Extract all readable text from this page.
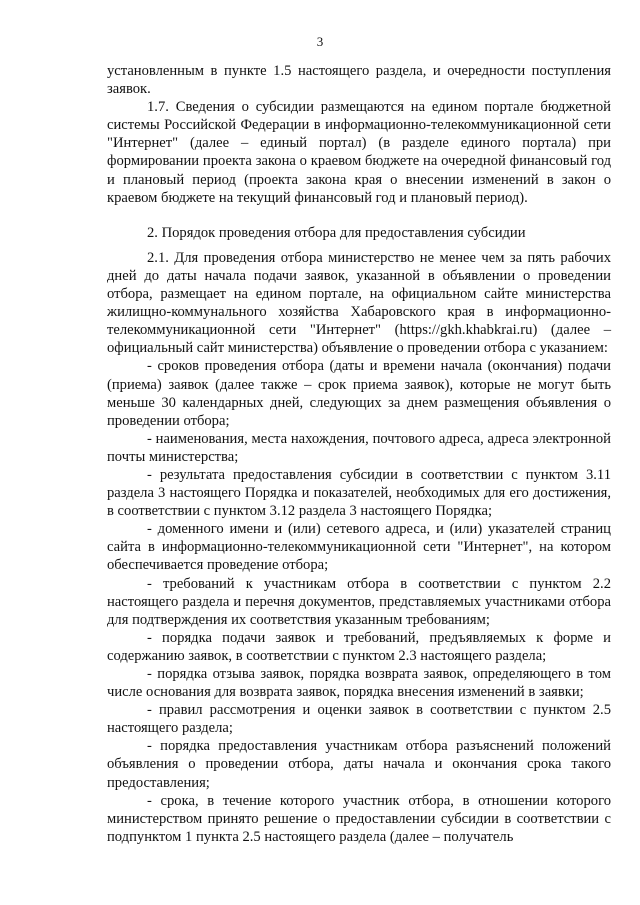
3

установленным в пункте 1.5 настоящего раздела, и очередности поступления заявок.

1.7. Сведения о субсидии размещаются на едином портале бюджетной системы Российской Федерации в информационно-телекоммуникационной сети "Интернет" (далее – единый портал) (в разделе единого портала) при формировании проекта закона о краевом бюджете на очередной финансовый год и плановый период (проекта закона края о внесении изменений в закон о краевом бюджете на текущий финансовый год и плановый период).

2. Порядок проведения отбора для предоставления субсидии

2.1. Для проведения отбора министерство не менее чем за пять рабочих дней до даты начала подачи заявок, указанной в объявлении о проведении отбора, размещает на едином портале, на официальном сайте министерства жилищно-коммунального хозяйства Хабаровского края в информационно-телекоммуникационной сети "Интернет" (https://gkh.khabkrai.ru) (далее – официальный сайт министерства) объявление о проведении отбора с указанием:

- сроков проведения отбора (даты и времени начала (окончания) подачи (приема) заявок (далее также – срок приема заявок), которые не могут быть меньше 30 календарных дней, следующих за днем размещения объявления о проведении отбора;

- наименования, места нахождения, почтового адреса, адреса электронной почты министерства;

- результата предоставления субсидии в соответствии с пунктом 3.11 раздела 3 настоящего Порядка и показателей, необходимых для его достижения, в соответствии с пунктом 3.12 раздела 3 настоящего Порядка;

- доменного имени и (или) сетевого адреса, и (или) указателей страниц сайта в информационно-телекоммуникационной сети "Интернет", на котором обеспечивается проведение отбора;

- требований к участникам отбора в соответствии с пунктом 2.2 настоящего раздела и перечня документов, представляемых участниками отбора для подтверждения их соответствия указанным требованиям;

- порядка подачи заявок и требований, предъявляемых к форме и содержанию заявок, в соответствии с пунктом 2.3 настоящего раздела;

- порядка отзыва заявок, порядка возврата заявок, определяющего в том числе основания для возврата заявок, порядка внесения изменений в заявки;

- правил рассмотрения и оценки заявок в соответствии с пунктом 2.5 настоящего раздела;

- порядка предоставления участникам отбора разъяснений положений объявления о проведении отбора, даты начала и окончания срока такого предоставления;

- срока, в течение которого участник отбора, в отношении которого министерством принято решение о предоставлении субсидии в соответствии с подпунктом 1 пункта 2.5 настоящего раздела (далее – получатель
